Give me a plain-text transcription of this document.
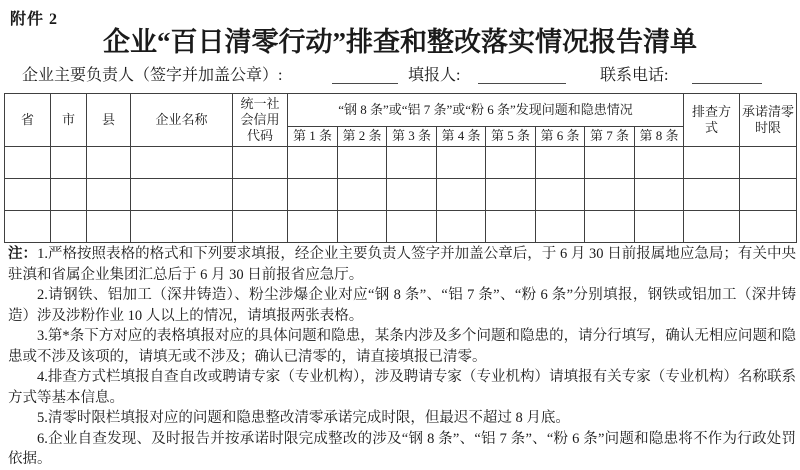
附件 2
企业“百日清零行动”排查和整改落实情况报告清单
企业主要负责人（签字并加盖公章）:	填报人:	联系电话:
省	市	县	企业名称	统一社会信用代码	“钢 8 条”或“铝 7 条”或“粉 6 条”发现问题和隐患情况								排查方式	承诺清零时限
					第 1 条	第 2 条	第 3 条	第 4 条	第 5 条	第 6 条	第 7 条	第 8 条		

注：1.严格按照表格的格式和下列要求填报，经企业主要负责人签字并加盖公章后，于 6 月 30 日前报属地应急局；有关中央驻滇和省属企业集团汇总后于 6 月 30 日前报省应急厅。

2.请钢铁、铝加工（深井铸造）、粉尘涉爆企业对应“钢 8 条”、“铝 7 条”、“粉 6 条”分别填报，钢铁或铝加工（深井铸造）涉及涉粉作业 10 人以上的情况，请填报两张表格。

3.第*条下方对应的表格填报对应的具体问题和隐患，某条内涉及多个问题和隐患的，请分行填写，确认无相应问题和隐患或不涉及该项的，请填无或不涉及；确认已清零的，请直接填报已清零。

4.排查方式栏填报自查自改或聘请专家（专业机构），涉及聘请专家（专业机构）请填报有关专家（专业机构）名称联系方式等基本信息。

5.清零时限栏填报对应的问题和隐患整改清零承诺完成时限，但最迟不超过 8 月底。

6.企业自查发现、及时报告并按承诺时限完成整改的涉及“钢 8 条”、“铝 7 条”、“粉 6 条”问题和隐患将不作为行政处罚依据。
